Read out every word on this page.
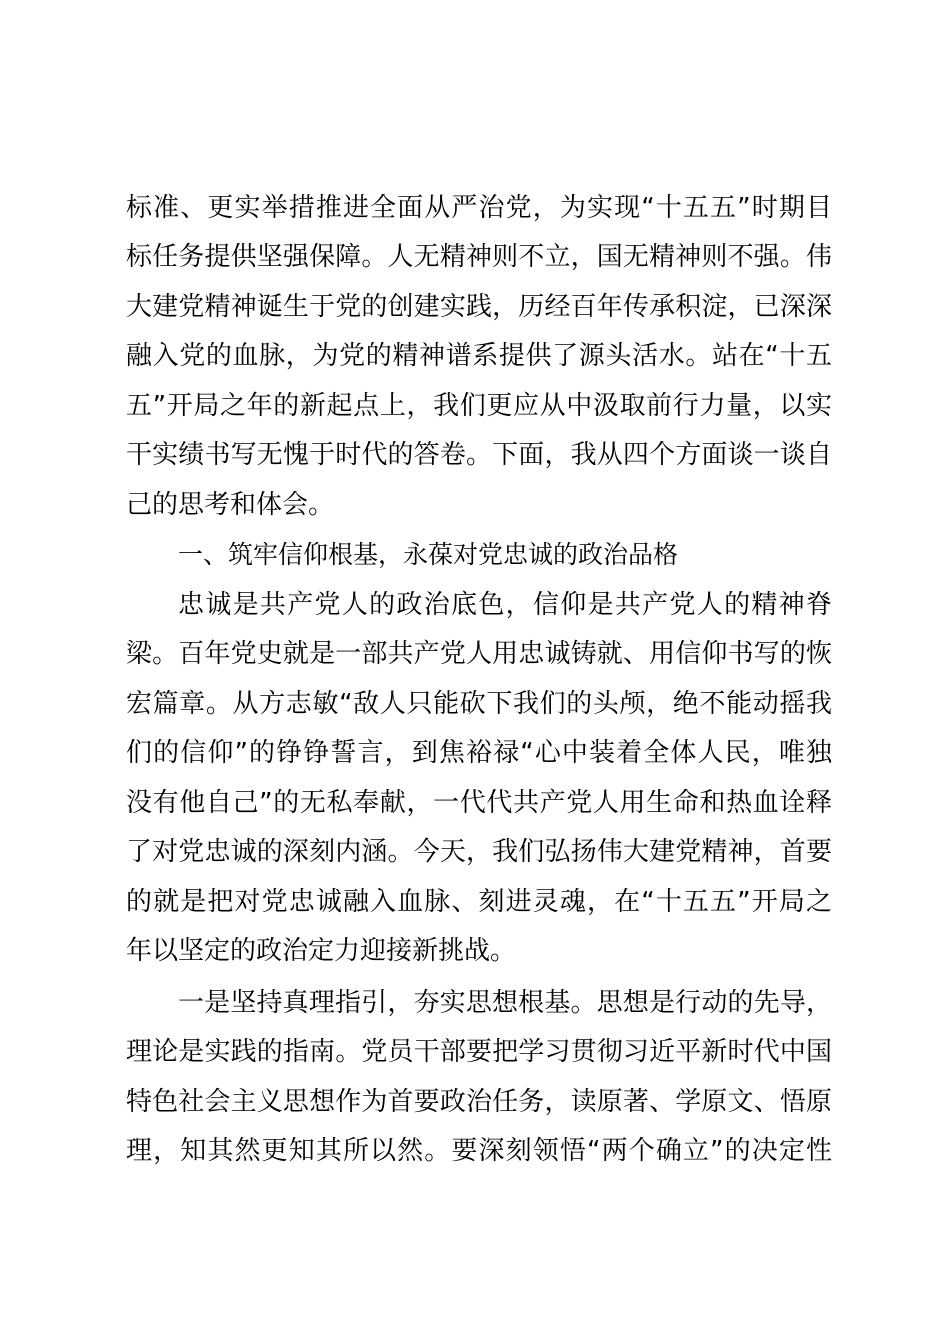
标准、更实举措推进全面从严治党，为实现“十五五”时期目
标任务提供坚强保障。人无精神则不立，国无精神则不强。伟
大建党精神诞生于党的创建实践，历经百年传承积淀，已深深
融入党的血脉，为党的精神谱系提供了源头活水。站在“十五
五”开局之年的新起点上，我们更应从中汲取前行力量，以实
干实绩书写无愧于时代的答卷。下面，我从四个方面谈一谈自
己的思考和体会。
一、筑牢信仰根基，永葆对党忠诚的政治品格
忠诚是共产党人的政治底色，信仰是共产党人的精神脊
梁。百年党史就是一部共产党人用忠诚铸就、用信仰书写的恢
宏篇章。从方志敏“敌人只能砍下我们的头颅，绝不能动摇我
们的信仰”的铮铮誓言，到焦裕禄“心中装着全体人民，唯独
没有他自己”的无私奉献，一代代共产党人用生命和热血诠释
了对党忠诚的深刻内涵。今天，我们弘扬伟大建党精神，首要
的就是把对党忠诚融入血脉、刻进灵魂，在“十五五”开局之
年以坚定的政治定力迎接新挑战。
一是坚持真理指引，夯实思想根基。思想是行动的先导，
理论是实践的指南。党员干部要把学习贯彻习近平新时代中国
特色社会主义思想作为首要政治任务，读原著、学原文、悟原
理，知其然更知其所以然。要深刻领悟“两个确立”的决定性
